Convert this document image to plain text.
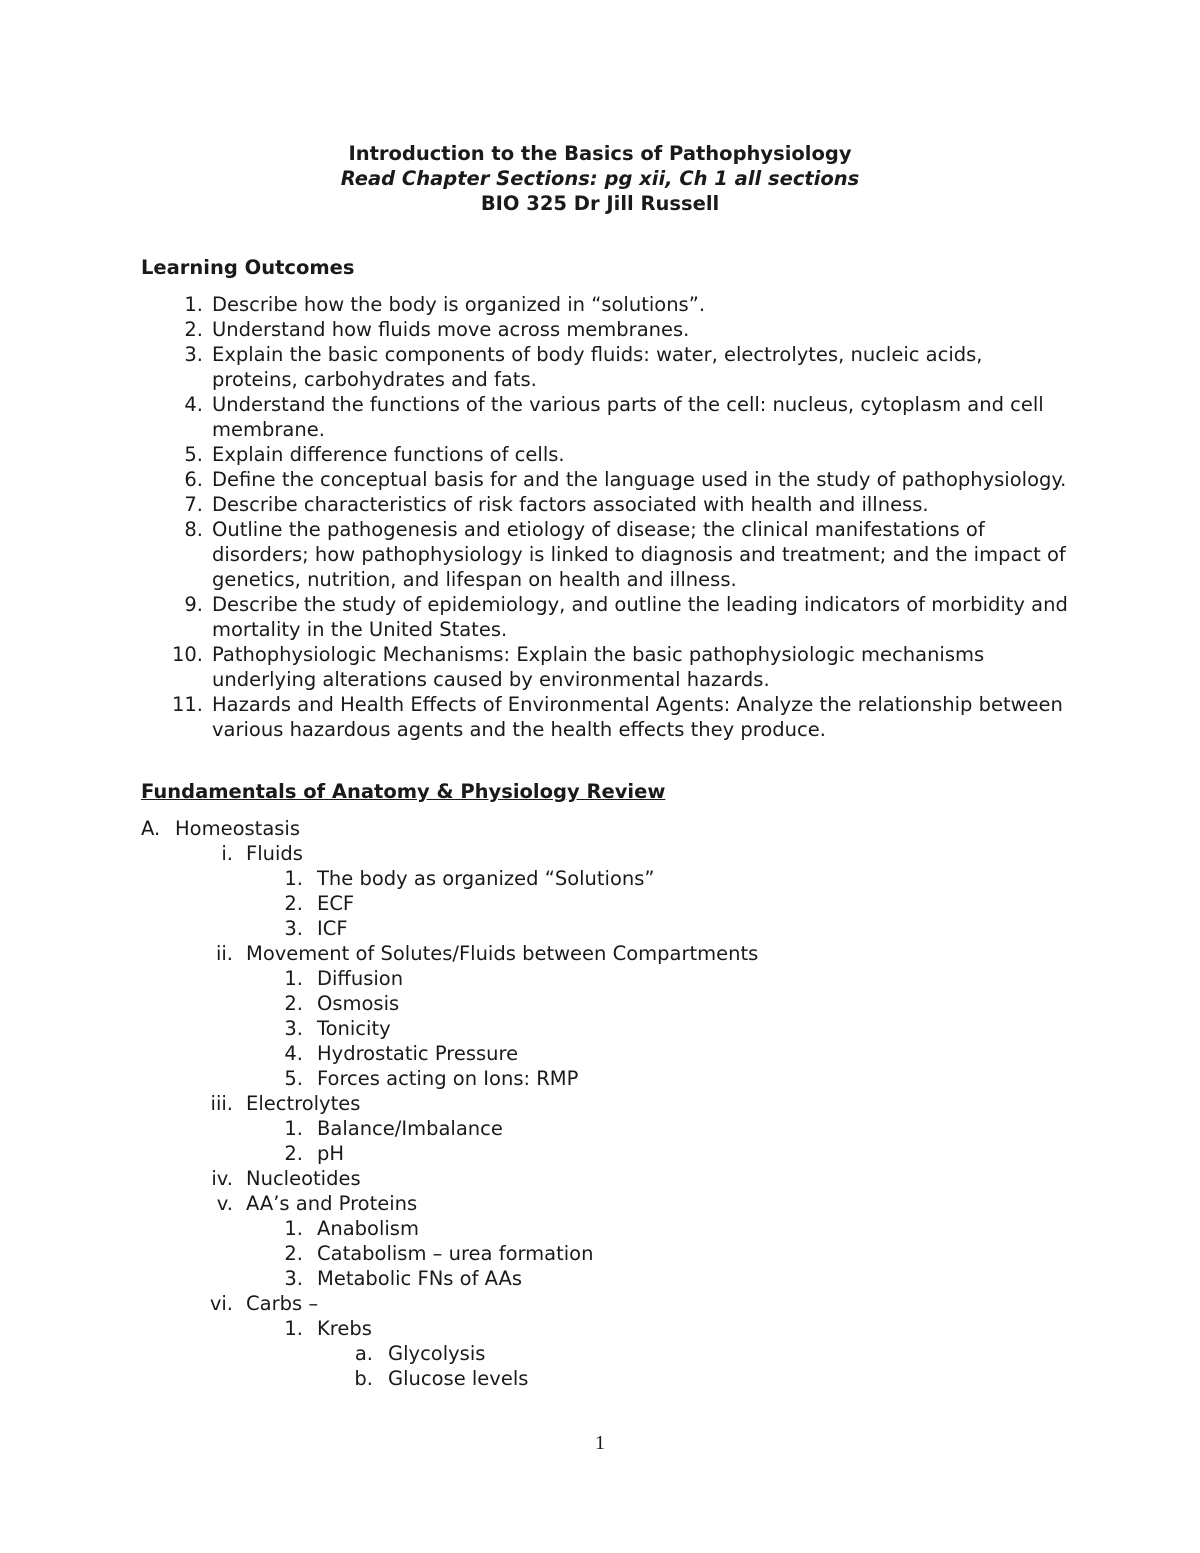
Introduction to the Basics of Pathophysiology
Read Chapter Sections: pg xii, Ch 1 all sections
BIO 325 Dr Jill Russell
Learning Outcomes
1. Describe how the body is organized in “solutions”.
2. Understand how fluids move across membranes.
3. Explain the basic components of body fluids: water, electrolytes, nucleic acids, proteins, carbohydrates and fats.
4. Understand the functions of the various parts of the cell: nucleus, cytoplasm and cell membrane.
5. Explain difference functions of cells.
6. Define the conceptual basis for and the language used in the study of pathophysiology.
7. Describe characteristics of risk factors associated with health and illness.
8. Outline the pathogenesis and etiology of disease; the clinical manifestations of disorders; how pathophysiology is linked to diagnosis and treatment; and the impact of genetics, nutrition, and lifespan on health and illness.
9. Describe the study of epidemiology, and outline the leading indicators of morbidity and mortality in the United States.
10. Pathophysiologic Mechanisms: Explain the basic pathophysiologic mechanisms underlying alterations caused by environmental hazards.
11. Hazards and Health Effects of Environmental Agents: Analyze the relationship between various hazardous agents and the health effects they produce.
Fundamentals of Anatomy & Physiology Review
A. Homeostasis
i. Fluids
1. The body as organized “Solutions”
2. ECF
3. ICF
ii. Movement of Solutes/Fluids between Compartments
1. Diffusion
2. Osmosis
3. Tonicity
4. Hydrostatic Pressure
5. Forces acting on Ions: RMP
iii. Electrolytes
1. Balance/Imbalance
2. pH
iv. Nucleotides
v. AA’s and Proteins
1. Anabolism
2. Catabolism – urea formation
3. Metabolic FNs of AAs
vi. Carbs –
1. Krebs
a. Glycolysis
b. Glucose levels
1
